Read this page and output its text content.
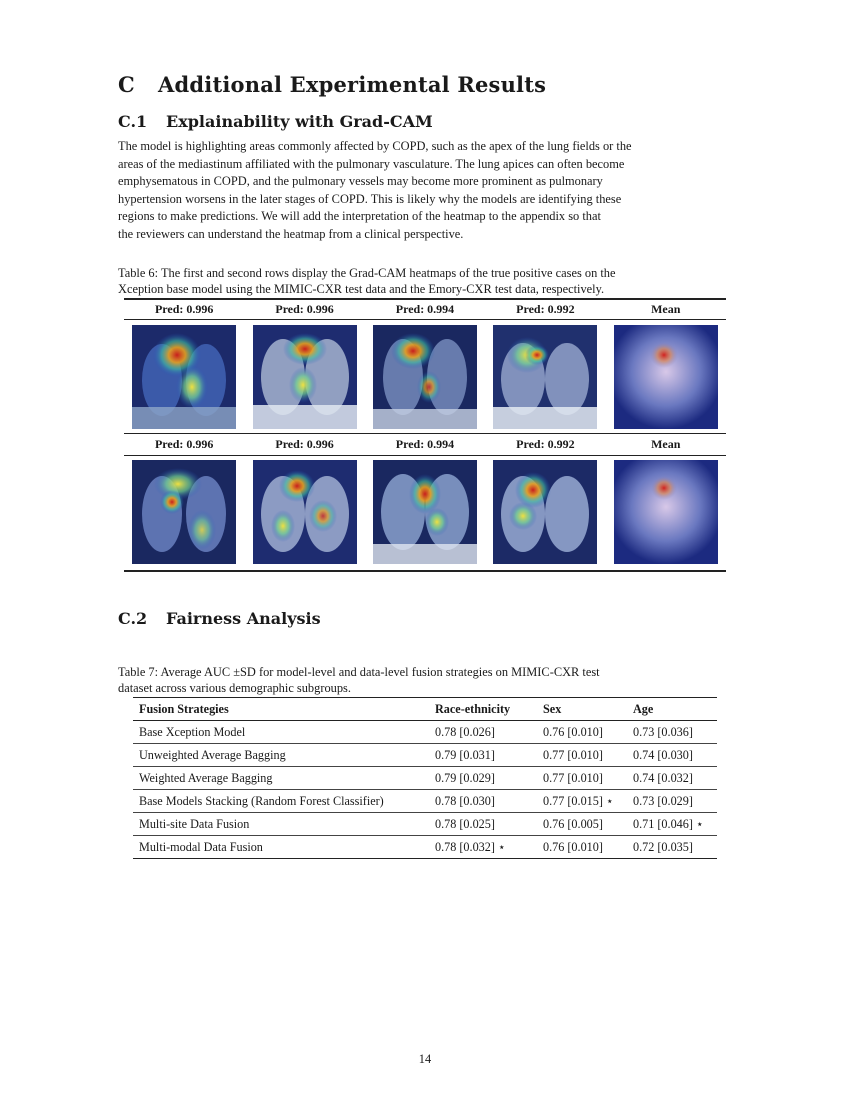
C Additional Experimental Results
C.1 Explainability with Grad-CAM
The model is highlighting areas commonly affected by COPD, such as the apex of the lung fields or the
areas of the mediastinum affiliated with the pulmonary vasculature. The lung apices can often become
emphysematous in COPD, and the pulmonary vessels may become more prominent as pulmonary
hypertension worsens in the later stages of COPD. This is likely why the models are identifying these
regions to make predictions. We will add the interpretation of the heatmap to the appendix so that
the reviewers can understand the heatmap from a clinical perspective.
Table 6: The first and second rows display the Grad-CAM heatmaps of the true positive cases on the
Xception base model using the MIMIC-CXR test data and the Emory-CXR test data, respectively.
Pred: 0.996	Pred: 0.996	Pred: 0.994	Pred: 0.992	Mean
Pred: 0.996	Pred: 0.996	Pred: 0.994	Pred: 0.992	Mean
C.2 Fairness Analysis
Table 7: Average AUC ±SD for model-level and data-level fusion strategies on MIMIC-CXR test
dataset across various demographic subgroups.
Fusion Strategies	Race-ethnicity	Sex	Age
Base Xception Model	0.78 [0.026]	0.76 [0.010]	0.73 [0.036]
Unweighted Average Bagging	0.79 [0.031]	0.77 [0.010]	0.74 [0.030]
Weighted Average Bagging	0.79 [0.029]	0.77 [0.010]	0.74 [0.032]
Base Models Stacking (Random Forest Classifier)	0.78 [0.030]	0.77 [0.015] ⋆	0.73 [0.029]
Multi-site Data Fusion	0.78 [0.025]	0.76 [0.005]	0.71 [0.046] ⋆
Multi-modal Data Fusion	0.78 [0.032] ⋆	0.76 [0.010]	0.72 [0.035]
14
